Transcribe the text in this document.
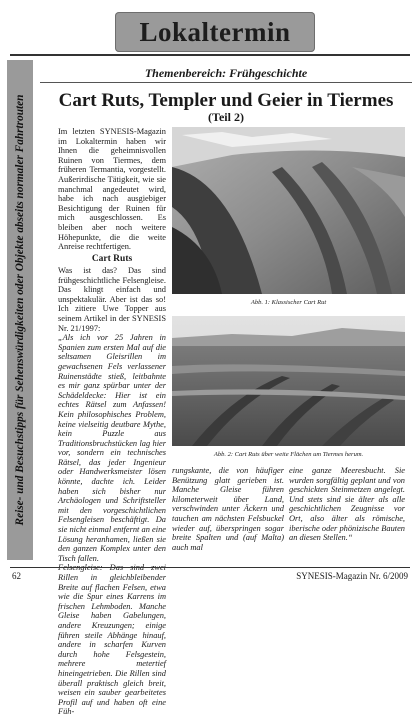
Lokaltermin
Reise- und Besuchstipps für Sehenswürdigkeiten oder Objekte abseits normaler Fahrtrouten
Themenbereich: Frühgeschichte
Cart Ruts, Templer und Geier in Tiermes
(Teil 2)
Im letzten SYNESIS-Magazin im Lokaltermin haben wir Ihnen die geheimnisvollen Ruinen von Tiermes, dem früheren Termantia, vorgestellt. Außerirdische Tätigkeit, wie sie manchmal angedeutet wird, habe ich nach ausgiebiger Besichtigung der Ruinen für mich ausgeschlossen. Es bleiben aber noch weitere Höhepunkte, die die weite Anreise rechtfertigen.
Cart Ruts

Was ist das? Das sind frühgeschichtliche Felsengleise. Das klingt einfach und unspektakulär. Aber ist das so! Ich zitiere Uwe Topper aus seinem Artikel in der SYNESIS Nr. 21/1997:

„Als ich vor 25 Jahren in Spanien zum ersten Mal auf die seltsamen Gleisrillen im gewachsenen Fels verlassener Ruinenstädte stieß, leitbahnte es mir ganz spürbar unter der Schädeldecke: Hier ist ein echtes Rätsel zum Anfassen! Kein philosophisches Problem, keine vielseitig deutbare Mythe, kein Puzzle aus Traditionsbruchstücken lag hier vor, sondern ein technisches Rätsel, das jeder Ingenieur oder Handwerksmeister lösen könnte, dachte ich. Leider haben sich bisher nur Archäologen und Schriftsteller mit den vorgeschichtlichen Felsengleisen beschäftigt. Da sie nicht einmal entfernt an eine Lösung heranhamen, ließen sie den ganzen Komplex unter den Tisch fallen.

Rillen in gleichbleibender Breite auf flachen Felsen, etwa wie die Spur eines Karrens im frischen Lehmboden. Manche Gleise haben Gabelungen, andere Kreuzungen; einige führen steile Abhänge hinauf, andere in scharfen Kurven durch hohe Felsgestein, mehrere metertief hineingetrieben. Die Rillen sind überall praktisch gleich breit, weisen ein sauber gearbeitetes Profil auf und haben oft eine Füh-

Abb. 1: Klassischer Cart Rut
Abb. 2: Cart Ruts über weite Flächen um Tiermes herum.
rungskante, die von häufiger Benützung glatt gerieben ist. Manche Gleise führen kilometerweit über Land, verschwinden unter Äckern und tauchen am nächsten Felsbuckel wieder auf, überspringen sogar breite Spalten und (auf Malta) auch mal
eine ganze Meeresbucht. Sie wurden sorgfältig geplant und von geschickten Steinmetzen angelegt. Und stets sind sie älter als alle geschichtlichen Zeugnisse vor Ort, also älter als römische, iberische oder phönizische Bauten an diesen Stellen.“
62	SYNESIS-Magazin Nr. 6/2009
